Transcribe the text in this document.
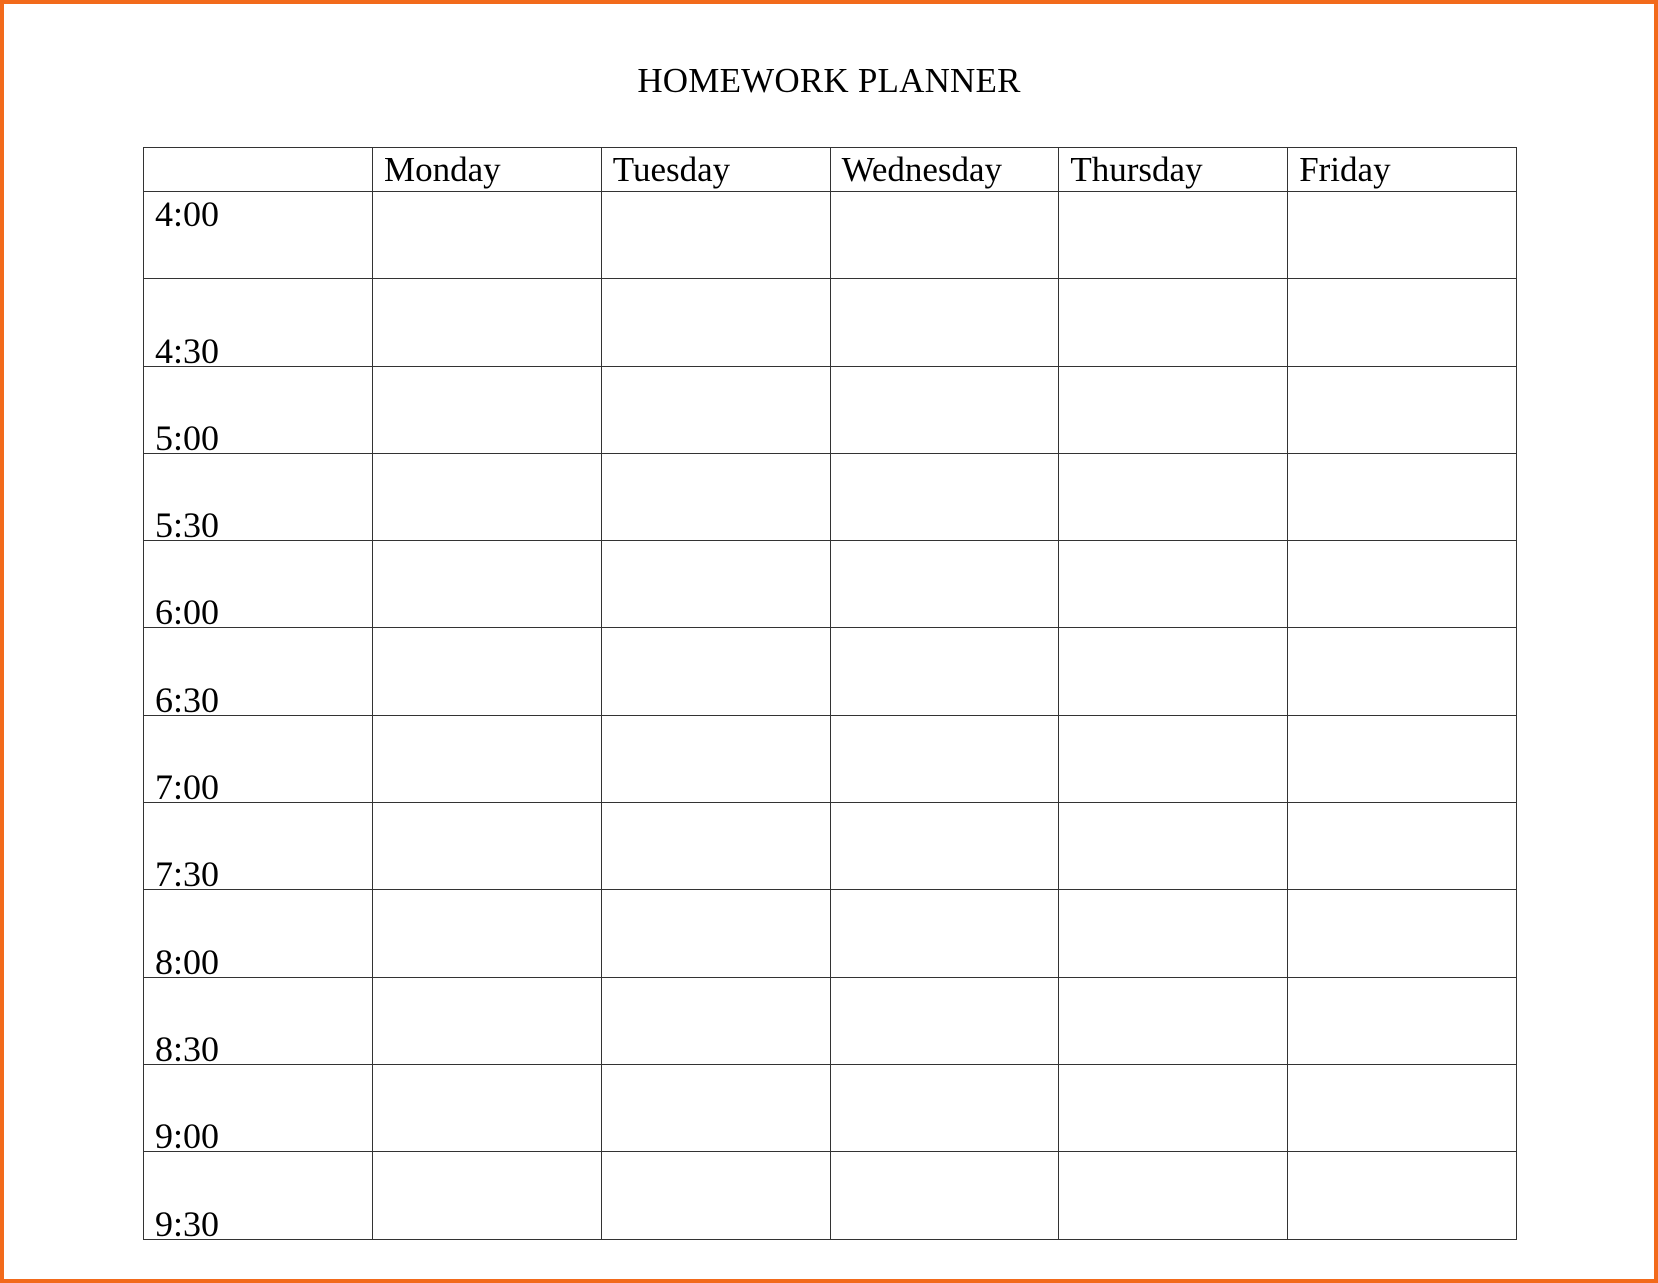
HOMEWORK PLANNER
	Monday	Tuesday	Wednesday	Thursday	Friday

4:00					

4:30					

5:00					

5:30					

6:00					

6:30					

7:00					

7:30					

8:00					

8:30					

9:00					

9:30					
